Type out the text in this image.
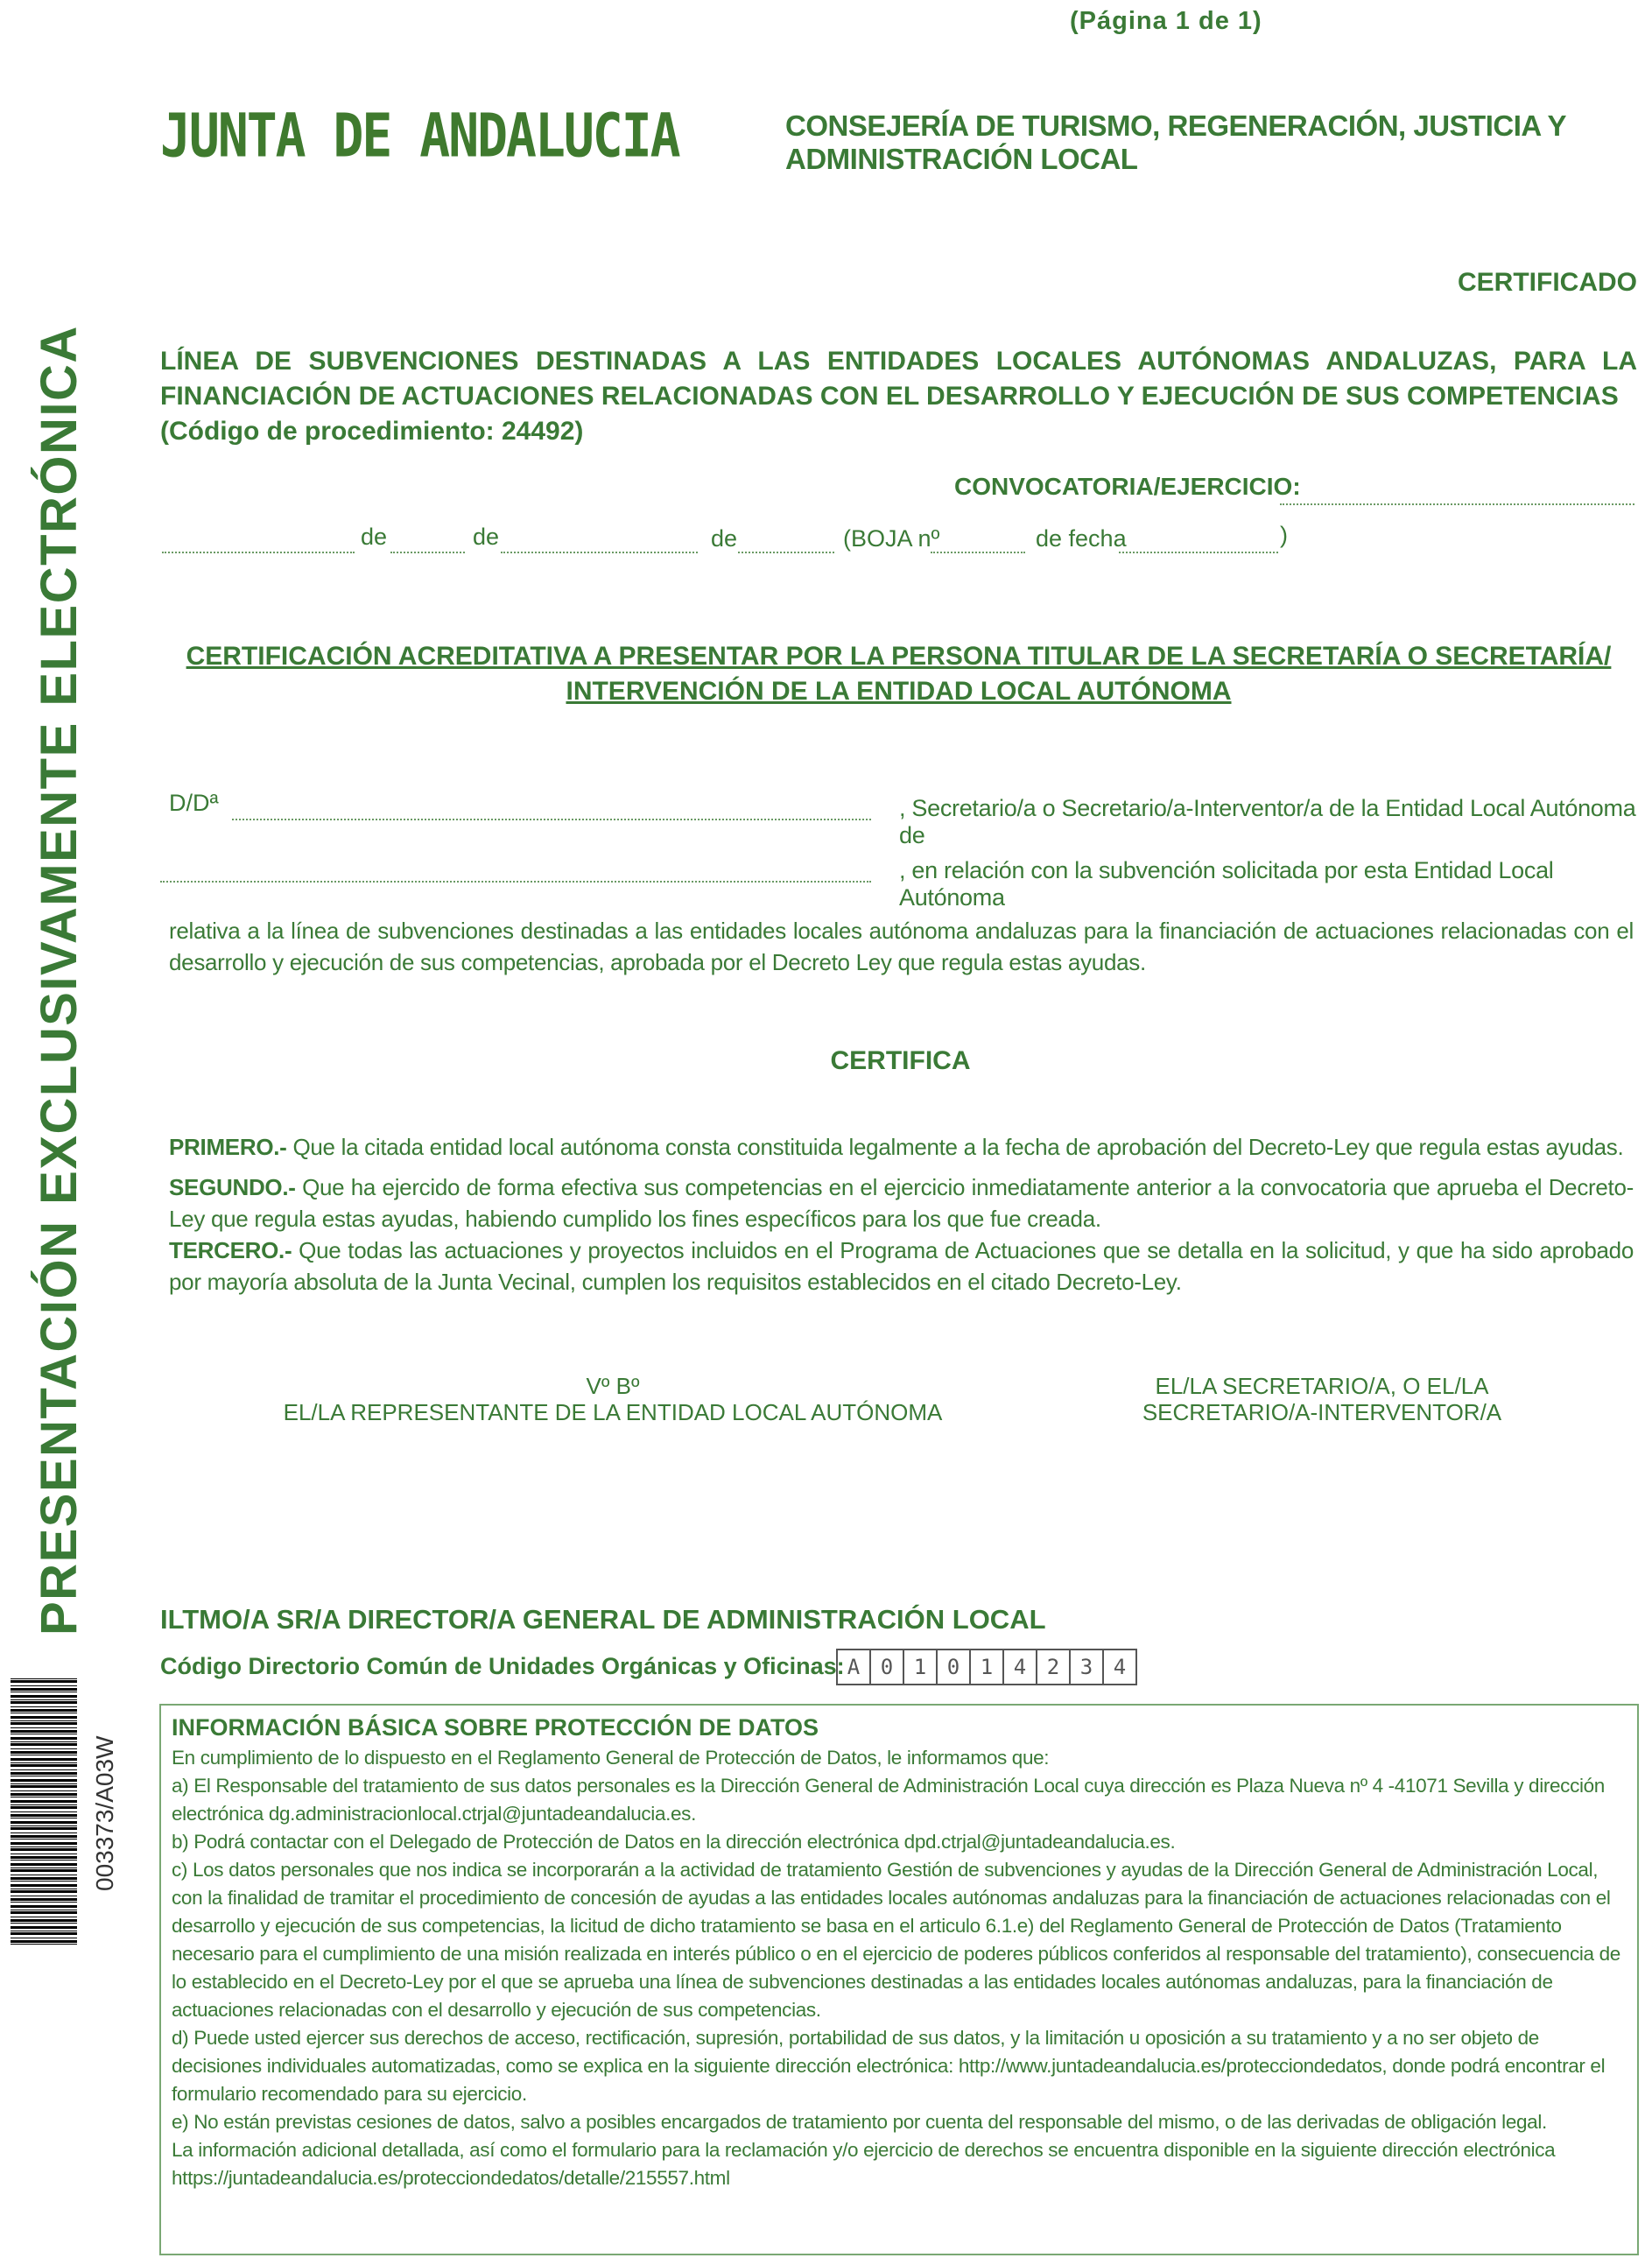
(Página 1 de 1)
JUNTA DE ANDALUCIA	CONSEJERÍA DE TURISMO, REGENERACIÓN, JUSTICIA Y
ADMINISTRACIÓN LOCAL
PRESENTACIÓN EXCLUSIVAMENTE ELECTRÓNICA
003373/A03W
CERTIFICADO
LÍNEA DE SUBVENCIONES DESTINADAS A LAS ENTIDADES LOCALES AUTÓNOMAS ANDALUZAS, PARA LA
FINANCIACIÓN DE ACTUACIONES RELACIONADAS CON EL DESARROLLO Y EJECUCIÓN DE SUS COMPETENCIAS
(Código de procedimiento: 24492)
CONVOCATORIA/EJERCICIO:
de	de	de	(BOJA nº	de fecha	)
CERTIFICACIÓN ACREDITATIVA A PRESENTAR POR LA PERSONA TITULAR DE LA SECRETARÍA O SECRETARÍA/
INTERVENCIÓN DE LA ENTIDAD LOCAL AUTÓNOMA
D/Dª	, Secretario/a o Secretario/a-Interventor/a de la Entidad Local Autónoma de
, en relación con la subvención solicitada por esta Entidad Local Autónoma
relativa a la línea de subvenciones destinadas a las entidades locales autónoma andaluzas para la financiación de actuaciones relacionadas con el desarrollo y ejecución de sus competencias, aprobada por el Decreto Ley que regula estas ayudas.
CERTIFICA

PRIMERO.- Que la citada entidad local autónoma consta constituida legalmente a la fecha de aprobación del Decreto-Ley que regula estas ayudas.

SEGUNDO.- Que ha ejercido de forma efectiva sus competencias en el ejercicio inmediatamente anterior a la convocatoria que aprueba el Decreto-Ley que regula estas ayudas, habiendo cumplido los fines específicos para los que fue creada.

TERCERO.- Que todas las actuaciones y proyectos incluidos en el Programa de Actuaciones que se detalla en la solicitud, y que ha sido aprobado por mayoría absoluta de la Junta Vecinal, cumplen los requisitos establecidos en el citado Decreto-Ley.

Vº Bº
EL/LA REPRESENTANTE DE LA ENTIDAD LOCAL AUTÓNOMA
EL/LA SECRETARIO/A, O EL/LA
SECRETARIO/A-INTERVENTOR/A
ILTMO/A SR/A DIRECTOR/A GENERAL DE ADMINISTRACIÓN LOCAL
Código Directorio Común de Unidades Orgánicas y Oficinas: A 0 1 0 1 4 2 3 4

INFORMACIÓN BÁSICA SOBRE PROTECCIÓN DE DATOS

En cumplimiento de lo dispuesto en el Reglamento General de Protección de Datos, le informamos que:

a) El Responsable del tratamiento de sus datos personales es la Dirección General de Administración Local cuya dirección es Plaza Nueva nº 4 -41071 Sevilla y dirección electrónica dg.administracionlocal.ctrjal@juntadeandalucia.es.

b) Podrá contactar con el Delegado de Protección de Datos en la dirección electrónica dpd.ctrjal@juntadeandalucia.es.

c) Los datos personales que nos indica se incorporarán a la actividad de tratamiento Gestión de subvenciones y ayudas de la Dirección General de Administración Local, con la finalidad de tramitar el procedimiento de concesión de ayudas a las entidades locales autónomas andaluzas para la financiación de actuaciones relacionadas con el desarrollo y ejecución de sus competencias, la licitud de dicho tratamiento se basa en el articulo 6.1.e) del Reglamento General de Protección de Datos (Tratamiento necesario para el cumplimiento de una misión realizada en interés público o en el ejercicio de poderes públicos conferidos al responsable del tratamiento), consecuencia de lo establecido en el Decreto-Ley por el que se aprueba una línea de subvenciones destinadas a las entidades locales autónomas andaluzas, para la financiación de actuaciones relacionadas con el desarrollo y ejecución de sus competencias.

d) Puede usted ejercer sus derechos de acceso, rectificación, supresión, portabilidad de sus datos, y la limitación u oposición a su tratamiento y a no ser objeto de decisiones individuales automatizadas, como se explica en la siguiente dirección electrónica: http://www.juntadeandalucia.es/protecciondedatos, donde podrá encontrar el formulario recomendado para su ejercicio.

e) No están previstas cesiones de datos, salvo a posibles encargados de tratamiento por cuenta del responsable del mismo, o de las derivadas de obligación legal.

La información adicional detallada, así como el formulario para la reclamación y/o ejercicio de derechos se encuentra disponible en la siguiente dirección electrónica https://juntadeandalucia.es/protecciondedatos/detalle/215557.html
